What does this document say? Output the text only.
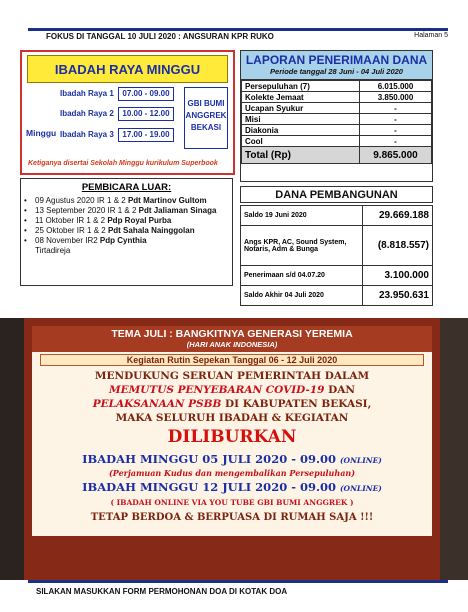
FOKUS DI TANGGAL 10 JULI 2020 : ANGSURAN KPR RUKO	Halaman 5
IBADAH RAYA MINGGU
Minggu
Ibadah Raya 1	07.00 - 09.00
Ibadah Raya 2	10.00 - 12.00
Ibadah Raya 3	17.00 - 19.00
GBI BUMI
ANGGREK
BEKASI
Ketiganya disertai Sekolah Minggu kurikulum Superbook
LAPORAN PENERIMAAN DANA
Periode tanggal 28 Juni - 04 Juli 2020
Persepuluhan (7)	6.015.000
Kolekte Jemaat	3.850.000
Ucapan Syukur	-
Misi	-
Diakonia	-
Cool	-
Total (Rp)	9.865.000
PEMBICARA LUAR:
• 09 Agustus 2020 IR 1 & 2 Pdt Martinov Gultom
• 13 September 2020 IR 1 & 2 Pdt Jaliaman Sinaga
• 11 Oktober IR 1 & 2 Pdp Royal Purba
• 25 Oktober IR 1 & 2 Pdt Sahala Nainggolan
• 08 November IR2 Pdp Cynthia
Tirtadireja
DANA PEMBANGUNAN
Saldo 19 Juni 2020	29.669.188
Angs KPR, AC, Sound System, Notaris, Adm & Bunga	(8.818.557)
Penerimaan s/d 04.07.20	3.100.000
Saldo Akhir 04 Juli 2020	23.950.631
TEMA JULI : BANGKITNYA GENERASI YEREMIA
(HARI ANAK INDONESIA)
Kegiatan Rutin Sepekan Tanggal 06 - 12 Juli 2020
MENDUKUNG SERUAN PEMERINTAH DALAM
MEMUTUS PENYEBARAN COVID-19 DAN
PELAKSANAAN PSBB DI KABUPATEN BEKASI,
MAKA SELURUH IBADAH & KEGIATAN
DILIBURKAN
IBADAH MINGGU 05 JULI 2020 - 09.00 (ONLINE)
(Perjamuan Kudus dan mengembalikan Persepuluhan)
IBADAH MINGGU 12 JULI 2020 - 09.00 (ONLINE)
( IBADAH ONLINE VIA YOU TUBE GBI BUMI ANGGREK )
TETAP BERDOA & BERPUASA DI RUMAH SAJA !!!
SILAKAN MASUKKAN FORM PERMOHONAN DOA DI KOTAK DOA
